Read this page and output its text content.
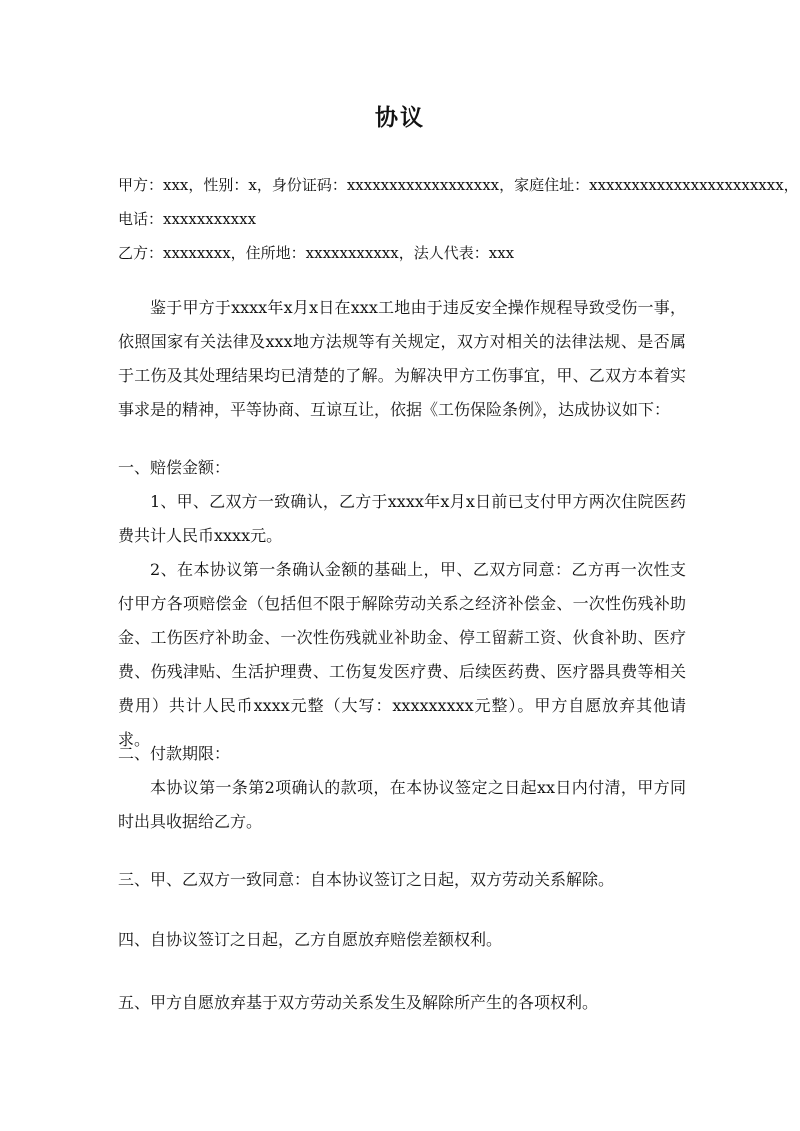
协议
甲方：xxx，性别：x，身份证码：xxxxxxxxxxxxxxxxxx，家庭住址：xxxxxxxxxxxxxxxxxxxxxxx，
电话：xxxxxxxxxxx
乙方：xxxxxxxx，住所地：xxxxxxxxxxx，法人代表：xxx
鉴于甲方于xxxx年x月x日在xxx工地由于违反安全操作规程导致受伤一事，依照国家有关法律及xxx地方法规等有关规定，双方对相关的法律法规、是否属于工伤及其处理结果均已清楚的了解。为解决甲方工伤事宜，甲、乙双方本着实事求是的精神，平等协商、互谅互让，依据《工伤保险条例》，达成协议如下：
一、赔偿金额：
1、甲、乙双方一致确认，乙方于xxxx年x月x日前已支付甲方两次住院医药费共计人民币xxxx元。
2、在本协议第一条确认金额的基础上，甲、乙双方同意：乙方再一次性支付甲方各项赔偿金（包括但不限于解除劳动关系之经济补偿金、一次性伤残补助金、工伤医疗补助金、一次性伤残就业补助金、停工留薪工资、伙食补助、医疗费、伤残津贴、生活护理费、工伤复发医疗费、后续医药费、医疗器具费等相关费用）共计人民币xxxx元整（大写：xxxxxxxxx元整）。甲方自愿放弃其他请求。
二、付款期限：
本协议第一条第2项确认的款项，在本协议签定之日起xx日内付清，甲方同时出具收据给乙方。
三、甲、乙双方一致同意：自本协议签订之日起，双方劳动关系解除。
四、自协议签订之日起，乙方自愿放弃赔偿差额权利。
五、甲方自愿放弃基于双方劳动关系发生及解除所产生的各项权利。
